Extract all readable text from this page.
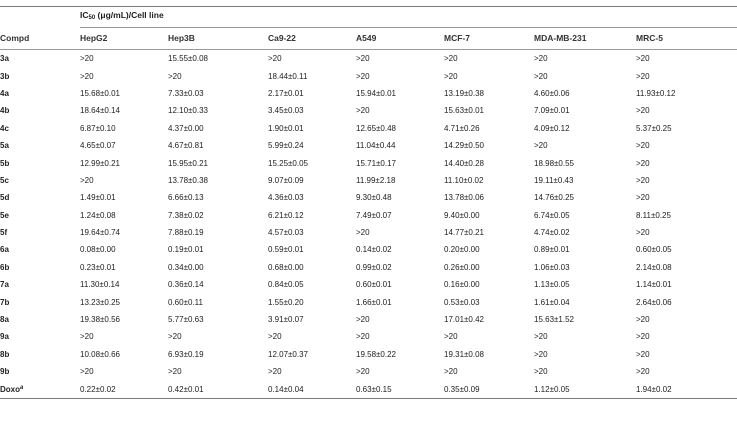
	$IC_{50}$ (μg/mL)/Cell line						

Compd	HepG2	Hep3B	Ca9-22	A549	MCF-7	MDA-MB-231	MRC-5

3a	>20	15.55±0.08	>20	>20	>20	>20	>20
3b	>20	>20	18.44±0.11	>20	>20	>20	>20
4a	15.68±0.01	7.33±0.03	2.17±0.01	15.94±0.01	13.19±0.38	4.60±0.06	11.93±0.12
4b	18.64±0.14	12.10±0.33	3.45±0.03	>20	15.63±0.01	7.09±0.01	>20
4c	6.87±0.10	4.37±0.00	1.90±0.01	12.65±0.48	4.71±0.26	4.09±0.12	5.37±0.25
5a	4.65±0.07	4.67±0.81	5.99±0.24	11.04±0.44	14.29±0.50	>20	>20
5b	12.99±0.21	15.95±0.21	15.25±0.05	15.71±0.17	14.40±0.28	18.98±0.55	>20
5c	>20	13.78±0.38	9.07±0.09	11.99±2.18	11.10±0.02	19.11±0.43	>20
5d	1.49±0.01	6.66±0.13	4.36±0.03	9.30±0.48	13.78±0.06	14.76±0.25	>20
5e	1.24±0.08	7.38±0.02	6.21±0.12	7.49±0.07	9.40±0.00	6.74±0.05	8.11±0.25
5f	19.64±0.74	7.88±0.19	4.57±0.03	>20	14.77±0.21	4.74±0.02	>20
6a	0.08±0.00	0.19±0.01	0.59±0.01	0.14±0.02	0.20±0.00	0.89±0.01	0.60±0.05
6b	0.23±0.01	0.34±0.00	0.68±0.00	0.99±0.02	0.26±0.00	1.06±0.03	2.14±0.08
7a	11.30±0.14	0.36±0.14	0.84±0.05	0.60±0.01	0.16±0.00	1.13±0.05	1.14±0.01
7b	13.23±0.25	0.60±0.11	1.55±0.20	1.66±0.01	0.53±0.03	1.61±0.04	2.64±0.06
8a	19.38±0.56	5.77±0.63	3.91±0.07	>20	17.01±0.42	15.63±1.52	>20
9a	>20	>20	>20	>20	>20	>20	>20
8b	10.08±0.66	6.93±0.19	12.07±0.37	19.58±0.22	19.31±0.08	>20	>20
9b	>20	>20	>20	>20	>20	>20	>20
Doxo$^a$	0.22±0.02	0.42±0.01	0.14±0.04	0.63±0.15	0.35±0.09	1.12±0.05	1.94±0.02
